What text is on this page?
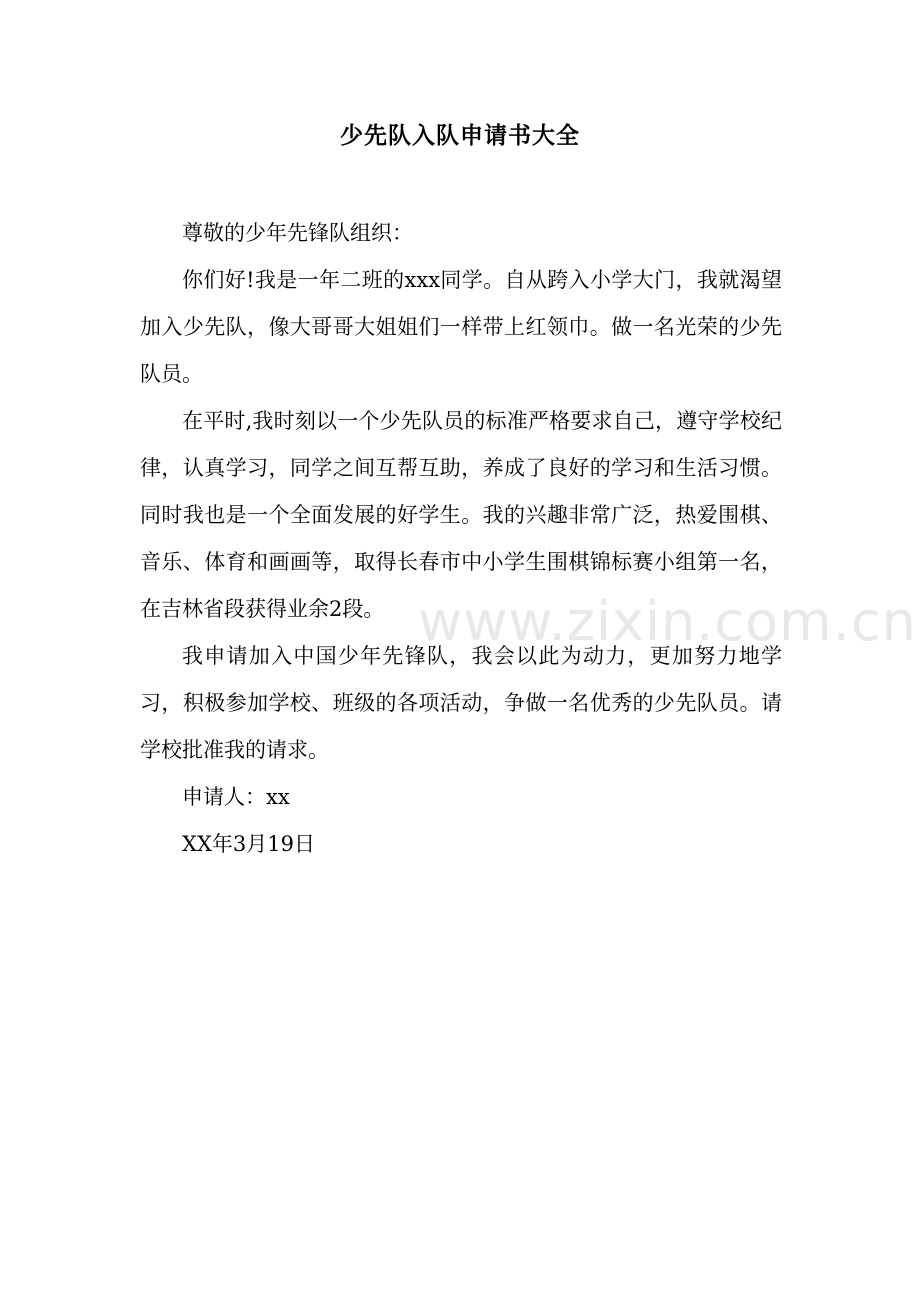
少先队入队申请书大全

尊敬的少年先锋队组织：

你们好!我是一年二班的xxx同学。自从跨入小学大门，我就渴望加入少先队，像大哥哥大姐姐们一样带上红领巾。做一名光荣的少先队员。

在平时,我时刻以一个少先队员的标准严格要求自己，遵守学校纪律，认真学习，同学之间互帮互助，养成了良好的学习和生活习惯。同时我也是一个全面发展的好学生。我的兴趣非常广泛，热爱围棋、音乐、体育和画画等，取得长春市中小学生围棋锦标赛小组第一名，在吉林省段获得业余2段。

我申请加入中国少年先锋队，我会以此为动力，更加努力地学习，积极参加学校、班级的各项活动，争做一名优秀的少先队员。请学校批准我的请求。

申请人：xx

XX年3月19日

www.zixin.com.cn
